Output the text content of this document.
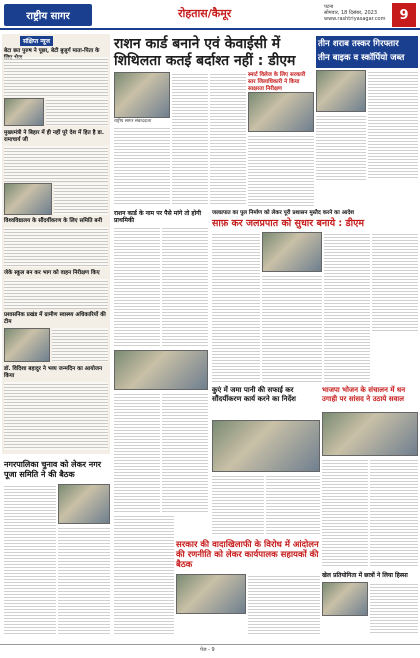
राष्ट्रीय सागर	रोहतास/कैमूर	पटना
सोमवार, 18 दिसंबर, 2023
www.rashtriyasagar.com	9
संक्षिप्त न्यूज
बेटा छत पुरुष ने पूछा, बेटी बुजुर्ग माता-पिता के
मुख्यमंत्री ने बिहार में ही नहीं पूरे देश में हित है डा. रामाचार्य जी
विश्वविद्यालय के सौंदर्यीकरण के लिए समिति बनी
जेके स्कूल बन कर भाग को वाहन निरीक्षण किए
प्रशासनिक प्रखंड में ग्रामीण स्वास्थ्य अधिकारियों की टीम
डॉ. विदिशा बहादुर ने भव्य जन्मदिन का आयोजन किया
नगरपालिका चुनाव को लेकर नगर पूजा समिति ने की बैठक
राशन कार्ड बनाने एवं केवाईसी में
शिथिलता कतई बर्दाश्त नहीं : डीएम
तीन शराब तस्कर गिरफ्तार
तीन बाइक व स्कॉर्पियो जब्त
राष्ट्रीय सागर संवाददाता
स्मार्ट विलेज के लिए सरकारी स्तर जिलाधिकारी ने किया साक्षरता निरीक्षण
राशन कार्ड के नाम पर पैसे मांगे तो होगी प्राथमिकी
जलप्रपात का पुल निर्माण को लेकर पूरी प्रशासन मुस्तैद करने का आदेश
साफ़ कर जलप्रपात को सुधार बनाये : डीएम
कुएं में जमा पानी की सफाई कर सौंदर्यीकरण कार्य करने का निर्देश
भाजपा भोजन के संचालन में धन उगाही पर सांसद ने उठाये सवाल
खेल प्रतियोगिता में छात्रों ने लिया हिस्सा
सरकार की वादाखिलाफी के विरोध में आंदोलन की रणनीति को लेकर कार्यपालक सहायकों की बैठक
पेज - 9
